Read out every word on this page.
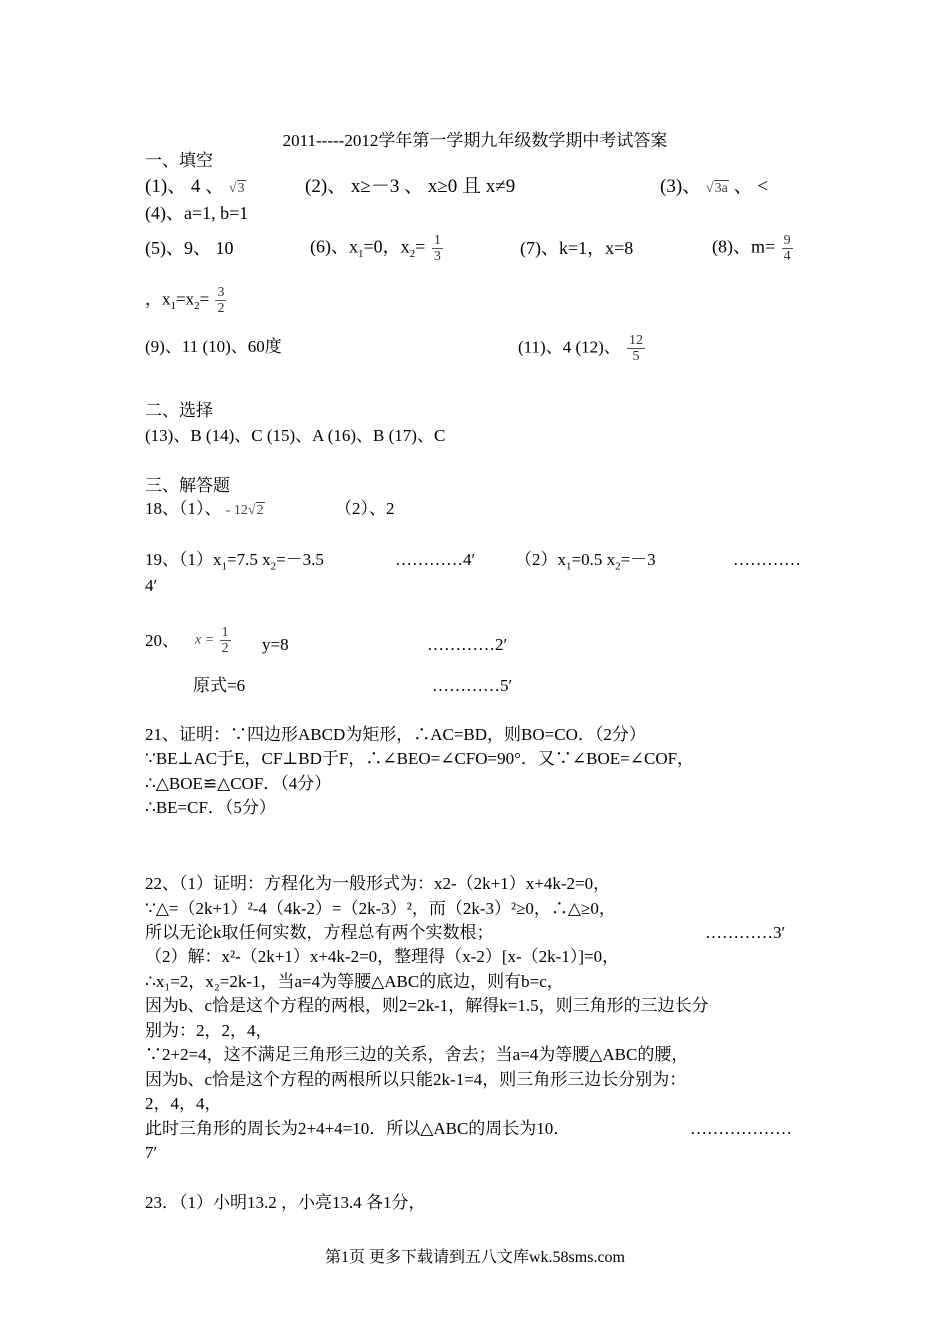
2011-----2012学年第一学期九年级数学期中考试答案
一、填空
(1)、 4 、 √3	(2)、 x≥－3 、 x≥0 且 x≠9	(3)、 √3a 、 <
(4)、a=1, b=1
(5)、9、 10	(6)、$x_1=0$，$x_2= \frac{1}{3}$	(7)、k=1，x=8	(8)、$m= \frac{9}{4}$
，$x_1=x_2= \frac{3}{2}$
(9)、11 (10)、60度	(11)、4 (12)、 $\frac{12}{5}$
二、选择
(13)、B (14)、C (15)、A (16)、B (17)、C
三、解答题
18、（1）、 - 12√2	（2）、2
19、$(1)x_1=7.5$ $x_2=-3.5$	…………4′ $(2)x_1=0.5$ $x_2=-3$	…………
4′
20、 $x = \frac{1}{2} y=8$	…………2′
原式=6	…………5′
21、证明：∵四边形ABCD为矩形，∴AC=BD，则BO=CO．（2分）
∵BE⊥AC于E，CF⊥BD于F，∴∠BEO=∠CFO=90°．又∵∠BOE=∠COF，
∴△BOE≌△COF．（4分）
∴BE=CF．（5分）
22、（1）证明：方程化为一般形式为：x2-（2k+1）x+4k-2=0，
∵△=（2k+1）²-4（4k-2）=（2k-3）²，而（2k-3）²≥0，∴△≥0，
所以无论k取任何实数，方程总有两个实数根；	…………3′
（2）解：x²-（2k+1）x+4k-2=0，整理得（x-2）[x-（2k-1）]=0，
∴x₁=2，x₂=2k-1，当a=4为等腰△ABC的底边，则有b=c，
因为b、c恰是这个方程的两根，则2=2k-1，解得k=1.5，则三角形的三边长分
别为：2，2，4，
∵2+2=4，这不满足三角形三边的关系，舍去；当a=4为等腰△ABC的腰，
因为b、c恰是这个方程的两根所以只能2k-1=4，则三角形三边长分别为：
2，4，4，
此时三角形的周长为2+4+4=10．所以△ABC的周长为10．	………………
7′
23．（1）小明13.2 ，小亮13.4 各1分，
第1页 更多下载请到五八文库wk.58sms.com
